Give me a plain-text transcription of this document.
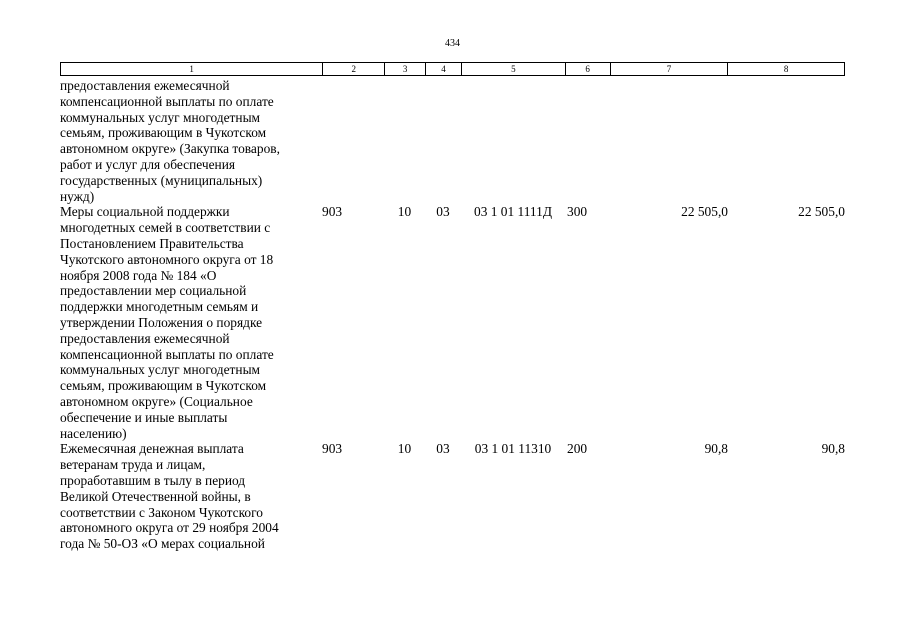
434
1	2	3	4	5	6	7	8
предоставления ежемесячной
компенсационной выплаты по оплате
коммунальных услуг многодетным
семьям, проживающим в Чукотском
автономном округе» (Закупка товаров,
работ и услуг для обеспечения
государственных (муниципальных)
нужд)
Меры социальной поддержки
многодетных семей в соответствии с
Постановлением Правительства
Чукотского автономного округа от 18
ноября 2008 года № 184 «О
предоставлении мер социальной
поддержки многодетным семьям и
утверждении Положения о порядке
предоставления ежемесячной
компенсационной выплаты по оплате
коммунальных услуг многодетным
семьям, проживающим в Чукотском
автономном округе» (Социальное
обеспечение и иные выплаты
населению)
903	10	03	03 1 01 1111Д	300	22 505,0	22 505,0
Ежемесячная денежная выплата
ветеранам труда и лицам,
проработавшим в тылу в период
Великой Отечественной войны, в
соответствии с Законом Чукотского
автономного округа от 29 ноября 2004
года № 50-ОЗ «О мерах социальной
903	10	03	03 1 01 11310	200	90,8	90,8
